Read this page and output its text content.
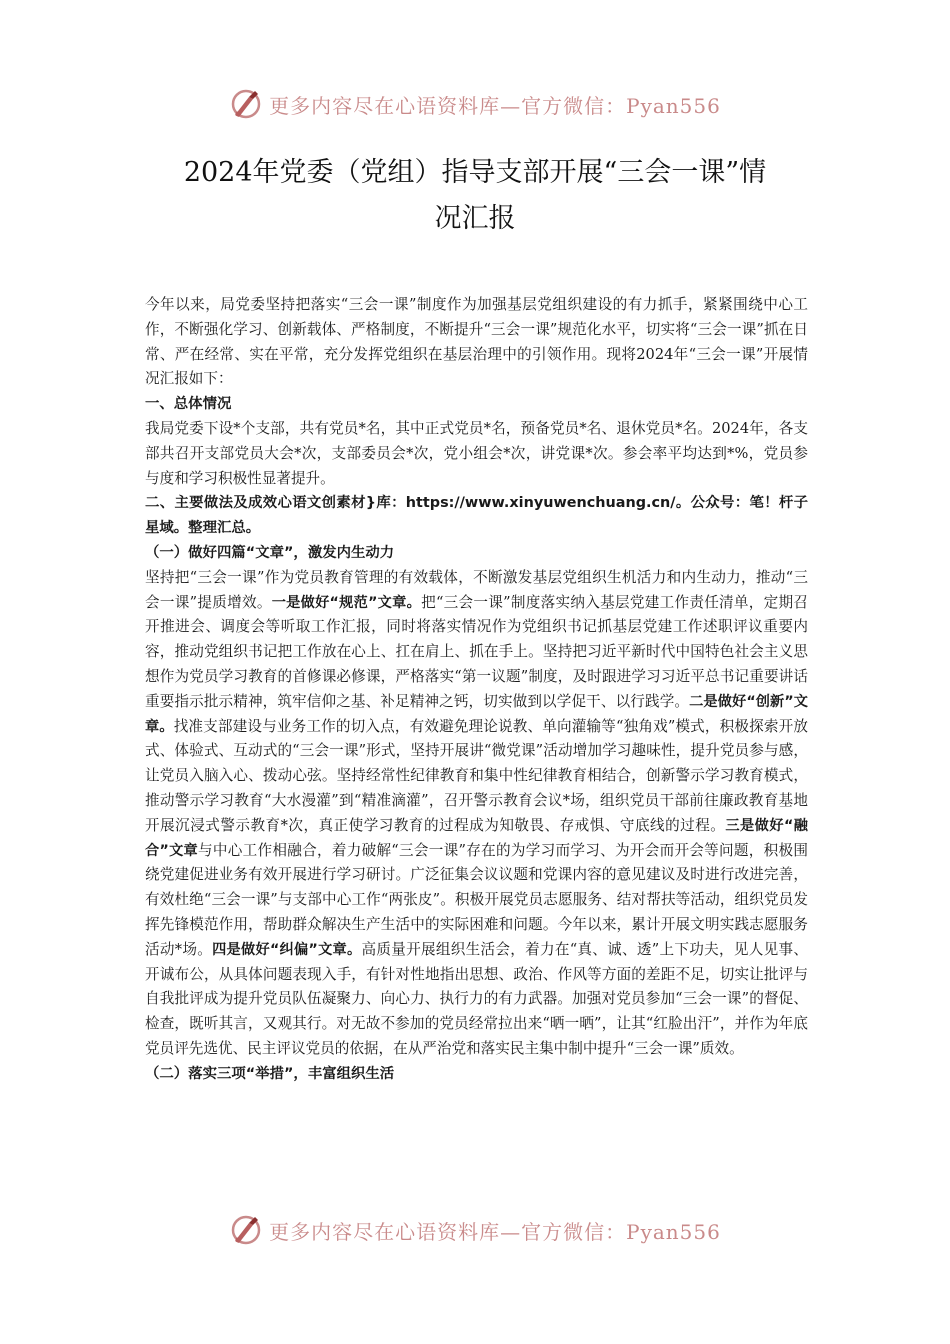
更多内容尽在心语资料库—官方微信：Pyan556
2024年党委（党组）指导支部开展“三会一课”情
况汇报

今年以来，局党委坚持把落实“三会一课”制度作为加强基层党组织建设的有力抓手，紧紧围绕中心工作，不断强化学习、创新载体、严格制度，不断提升“三会一课”规范化水平，切实将“三会一课”抓在日常、严在经常、实在平常，充分发挥党组织在基层治理中的引领作用。现将2024年“三会一课”开展情况汇报如下：

一、总体情况

我局党委下设*个支部，共有党员*名，其中正式党员*名，预备党员*名、退休党员*名。2024年，各支部共召开支部党员大会*次，支部委员会*次，党小组会*次，讲党课*次。参会率平均达到*%，党员参与度和学习积极性显著提升。

二、主要做法及成效心语文创素材}库：https://www.xinyuwenchuang.cn/。公众号：笔！杆子星域。整理汇总。

（一）做好四篇“文章”，激发内生动力

坚持把“三会一课”作为党员教育管理的有效载体，不断激发基层党组织生机活力和内生动力，推动“三会一课”提质增效。一是做好“规范”文章。把“三会一课”制度落实纳入基层党建工作责任清单，定期召开推进会、调度会等听取工作汇报，同时将落实情况作为党组织书记抓基层党建工作述职评议重要内容，推动党组织书记把工作放在心上、扛在肩上、抓在手上。坚持把习近平新时代中国特色社会主义思想作为党员学习教育的首修课必修课，严格落实“第一议题”制度，及时跟进学习习近平总书记重要讲话重要指示批示精神，筑牢信仰之基、补足精神之钙，切实做到以学促干、以行践学。二是做好“创新”文章。找准支部建设与业务工作的切入点，有效避免理论说教、单向灌输等“独角戏”模式，积极探索开放式、体验式、互动式的“三会一课”形式，坚持开展讲“微党课”活动增加学习趣味性，提升党员参与感，让党员入脑入心、拨动心弦。坚持经常性纪律教育和集中性纪律教育相结合，创新警示学习教育模式，推动警示学习教育“大水漫灌”到“精准滴灌”，召开警示教育会议*场，组织党员干部前往廉政教育基地开展沉浸式警示教育*次，真正使学习教育的过程成为知敬畏、存戒惧、守底线的过程。三是做好“融合”文章与中心工作相融合，着力破解“三会一课”存在的为学习而学习、为开会而开会等问题，积极围绕党建促进业务有效开展进行学习研讨。广泛征集会议议题和党课内容的意见建议及时进行改进完善，有效杜绝“三会一课”与支部中心工作“两张皮”。积极开展党员志愿服务、结对帮扶等活动，组织党员发挥先锋模范作用，帮助群众解决生产生活中的实际困难和问题。今年以来，累计开展文明实践志愿服务活动*场。四是做好“纠偏”文章。高质量开展组织生活会，着力在“真、诚、透”上下功夫，见人见事、开诚布公，从具体问题表现入手，有针对性地指出思想、政治、作风等方面的差距不足，切实让批评与自我批评成为提升党员队伍凝聚力、向心力、执行力的有力武器。加强对党员参加“三会一课”的督促、检查，既听其言，又观其行。对无故不参加的党员经常拉出来“晒一晒”，让其“红脸出汗”，并作为年底党员评先选优、民主评议党员的依据，在从严治党和落实民主集中制中提升“三会一课”质效。

（二）落实三项“举措”，丰富组织生活

更多内容尽在心语资料库—官方微信：Pyan556
